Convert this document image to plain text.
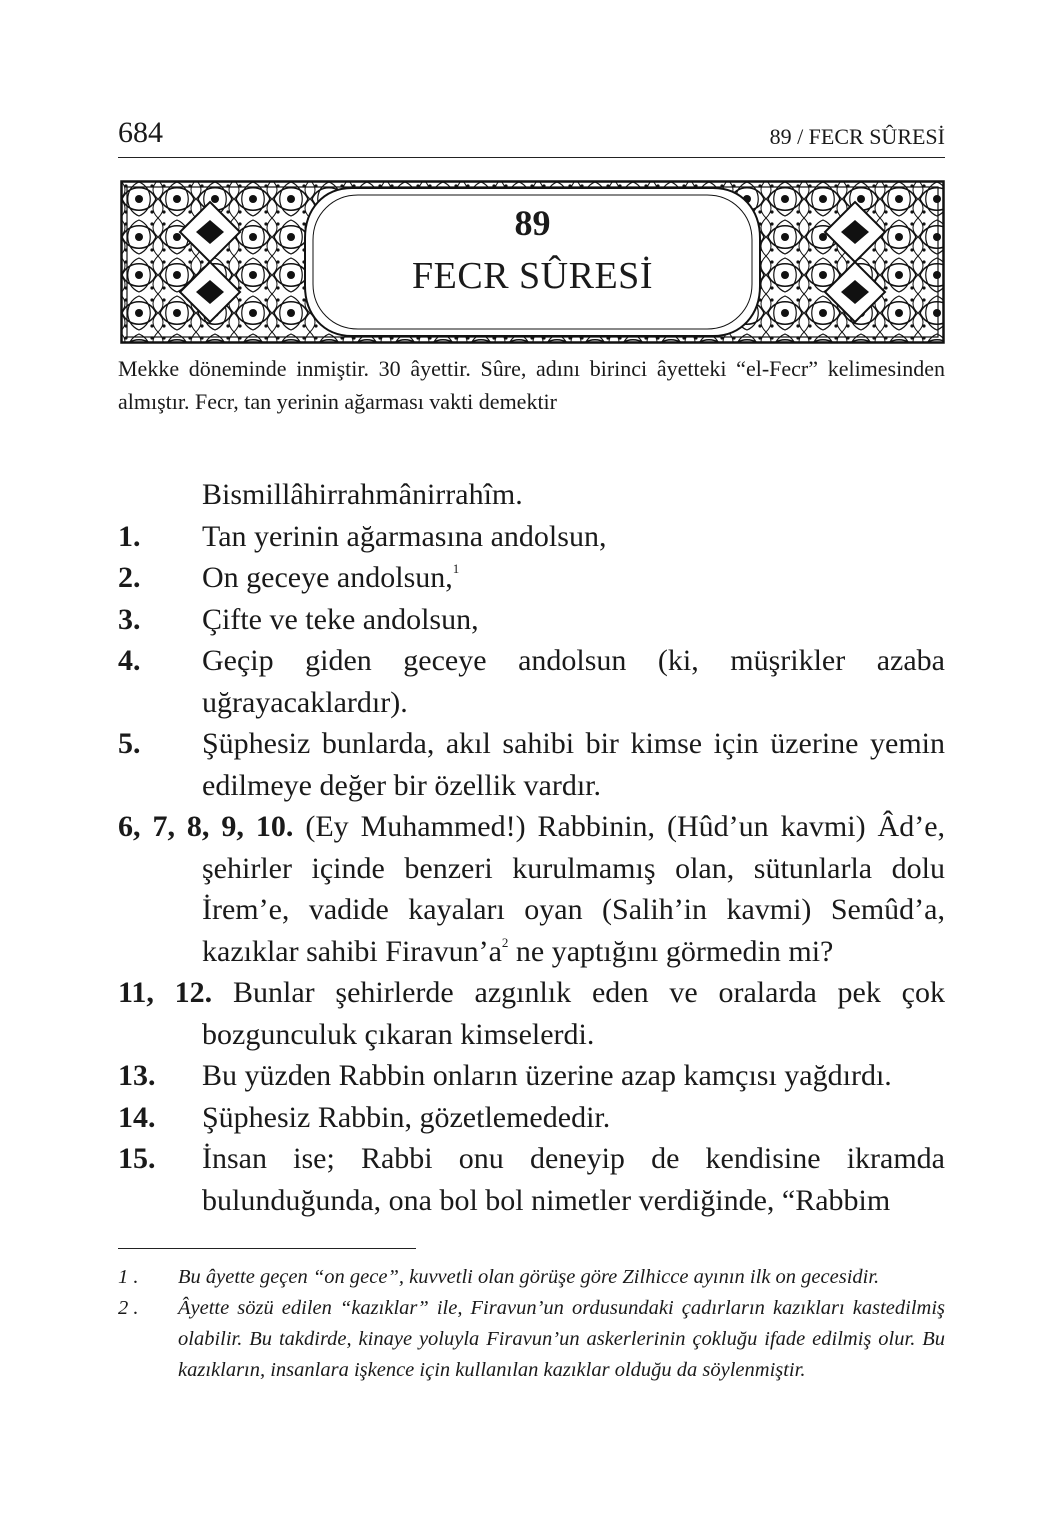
684	89 / FECR SÛRESİ
89
FECR SÛRESİ
Mekke döneminde inmiştir. 30 âyettir. Sûre, adını birinci âyetteki “el-Fecr” kelimesinden almıştır. Fecr, tan yerinin ağarması vakti demektir
Bismillâhirrahmânirrahîm.
1. Tan yerinin ağarmasına andolsun,
2. On geceye andolsun,$^1$
3. Çifte ve teke andolsun,
4. Geçip giden geceye andolsun (ki, müşrikler azaba uğrayacaklardır).
5. Şüphesiz bunlarda, akıl sahibi bir kimse için üzerine yemin edilmeye değer bir özellik vardır.
6, 7, 8, 9, 10. (Ey Muhammed!) Rabbinin, (Hûd’un kavmi) Âd’e, şehirler içinde benzeri kurulmamış olan, sütunlarla dolu İrem’e, vadide kayaları oyan (Salih’in kavmi) Semûd’a, kazıklar sahibi $Firavun’a^2$ ne yaptığını görmedin mi?
11, 12. Bunlar şehirlerde azgınlık eden ve oralarda pek çok bozgunculuk çıkaran kimselerdi.
13. Bu yüzden Rabbin onların üzerine azap kamçısı yağdırdı.
14. Şüphesiz Rabbin, gözetlemededir.
15. İnsan ise; Rabbi onu deneyip de kendisine ikramda bulunduğunda, ona bol bol nimetler verdiğinde, “Rabbim
1 . Bu âyette geçen “on gece”, kuvvetli olan görüşe göre Zilhicce ayının ilk on gecesidir.
2 . Âyette sözü edilen “kazıklar” ile, Firavun’un ordusundaki çadırların kazıkları kastedilmiş olabilir. Bu takdirde, kinaye yoluyla Firavun’un askerlerinin çokluğu ifade edilmiş olur. Bu kazıkların, insanlara işkence için kullanılan kazıklar olduğu da söylenmiştir.
